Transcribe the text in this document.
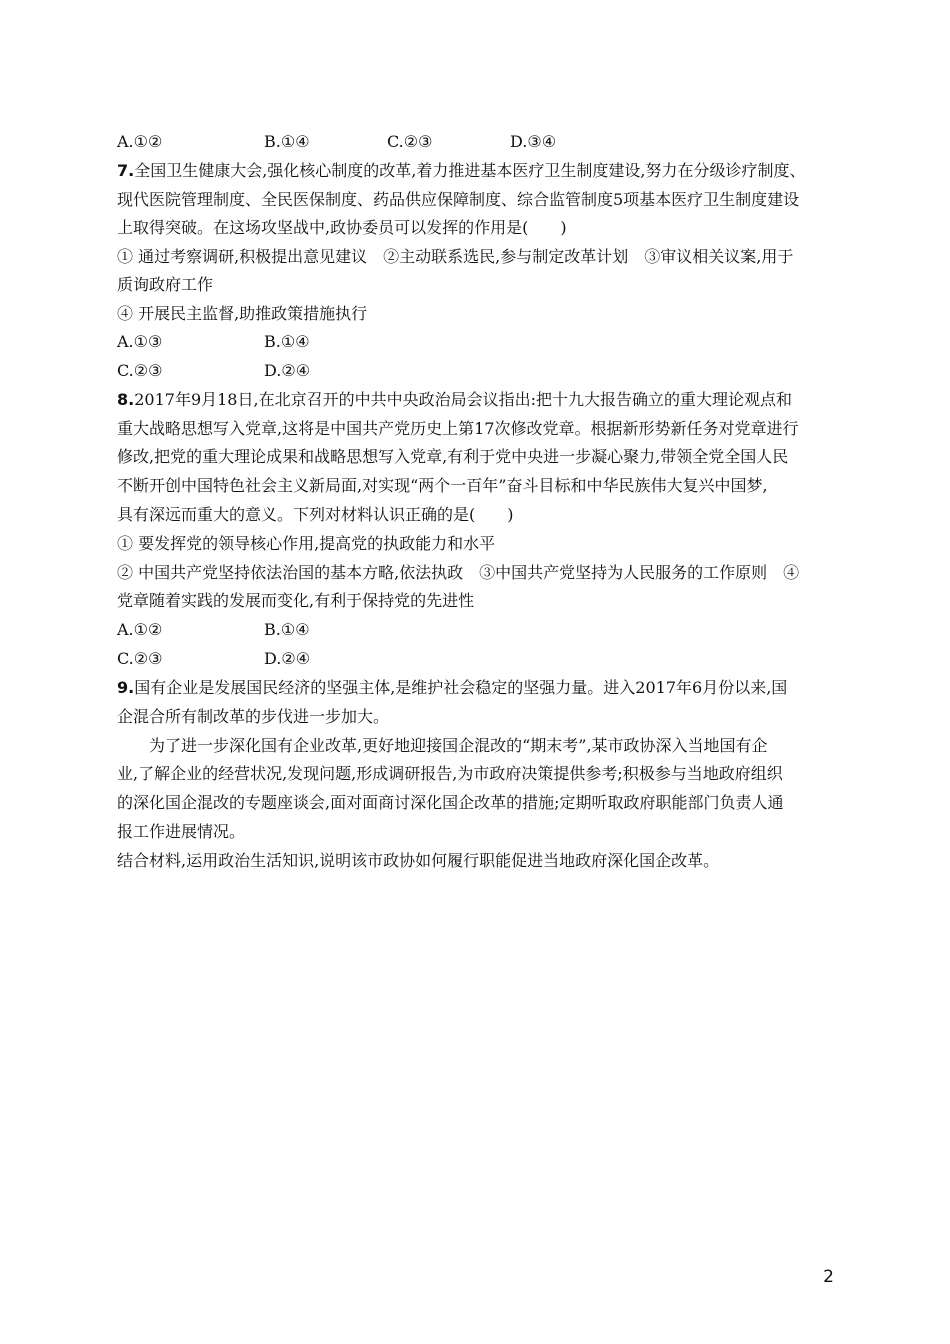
A.①②	B.①④	C.②③	D.③④
7.全国卫生健康大会,强化核心制度的改革,着力推进基本医疗卫生制度建设,努力在分级诊疗制度、
现代医院管理制度、全民医保制度、药品供应保障制度、综合监管制度5项基本医疗卫生制度建设
上取得突破。在这场攻坚战中,政协委员可以发挥的作用是(　　)
① 通过考察调研,积极提出意见建议　②主动联系选民,参与制定改革计划　③审议相关议案,用于
质询政府工作
④ 开展民主监督,助推政策措施执行
A.①③	B.①④
C.②③	D.②④
8.2017年9月18日,在北京召开的中共中央政治局会议指出:把十九大报告确立的重大理论观点和
重大战略思想写入党章,这将是中国共产党历史上第17次修改党章。根据新形势新任务对党章进行
修改,把党的重大理论成果和战略思想写入党章,有利于党中央进一步凝心聚力,带领全党全国人民
不断开创中国特色社会主义新局面,对实现“两个一百年”奋斗目标和中华民族伟大复兴中国梦,
具有深远而重大的意义。下列对材料认识正确的是(　　)
① 要发挥党的领导核心作用,提高党的执政能力和水平
② 中国共产党坚持依法治国的基本方略,依法执政　③中国共产党坚持为人民服务的工作原则　④
党章随着实践的发展而变化,有利于保持党的先进性
A.①②	B.①④
C.②③	D.②④
9.国有企业是发展国民经济的坚强主体,是维护社会稳定的坚强力量。进入2017年6月份以来,国
企混合所有制改革的步伐进一步加大。
为了进一步深化国有企业改革,更好地迎接国企混改的“期末考”,某市政协深入当地国有企
业,了解企业的经营状况,发现问题,形成调研报告,为市政府决策提供参考;积极参与当地政府组织
的深化国企混改的专题座谈会,面对面商讨深化国企改革的措施;定期听取政府职能部门负责人通
报工作进展情况。
结合材料,运用政治生活知识,说明该市政协如何履行职能促进当地政府深化国企改革。
2
